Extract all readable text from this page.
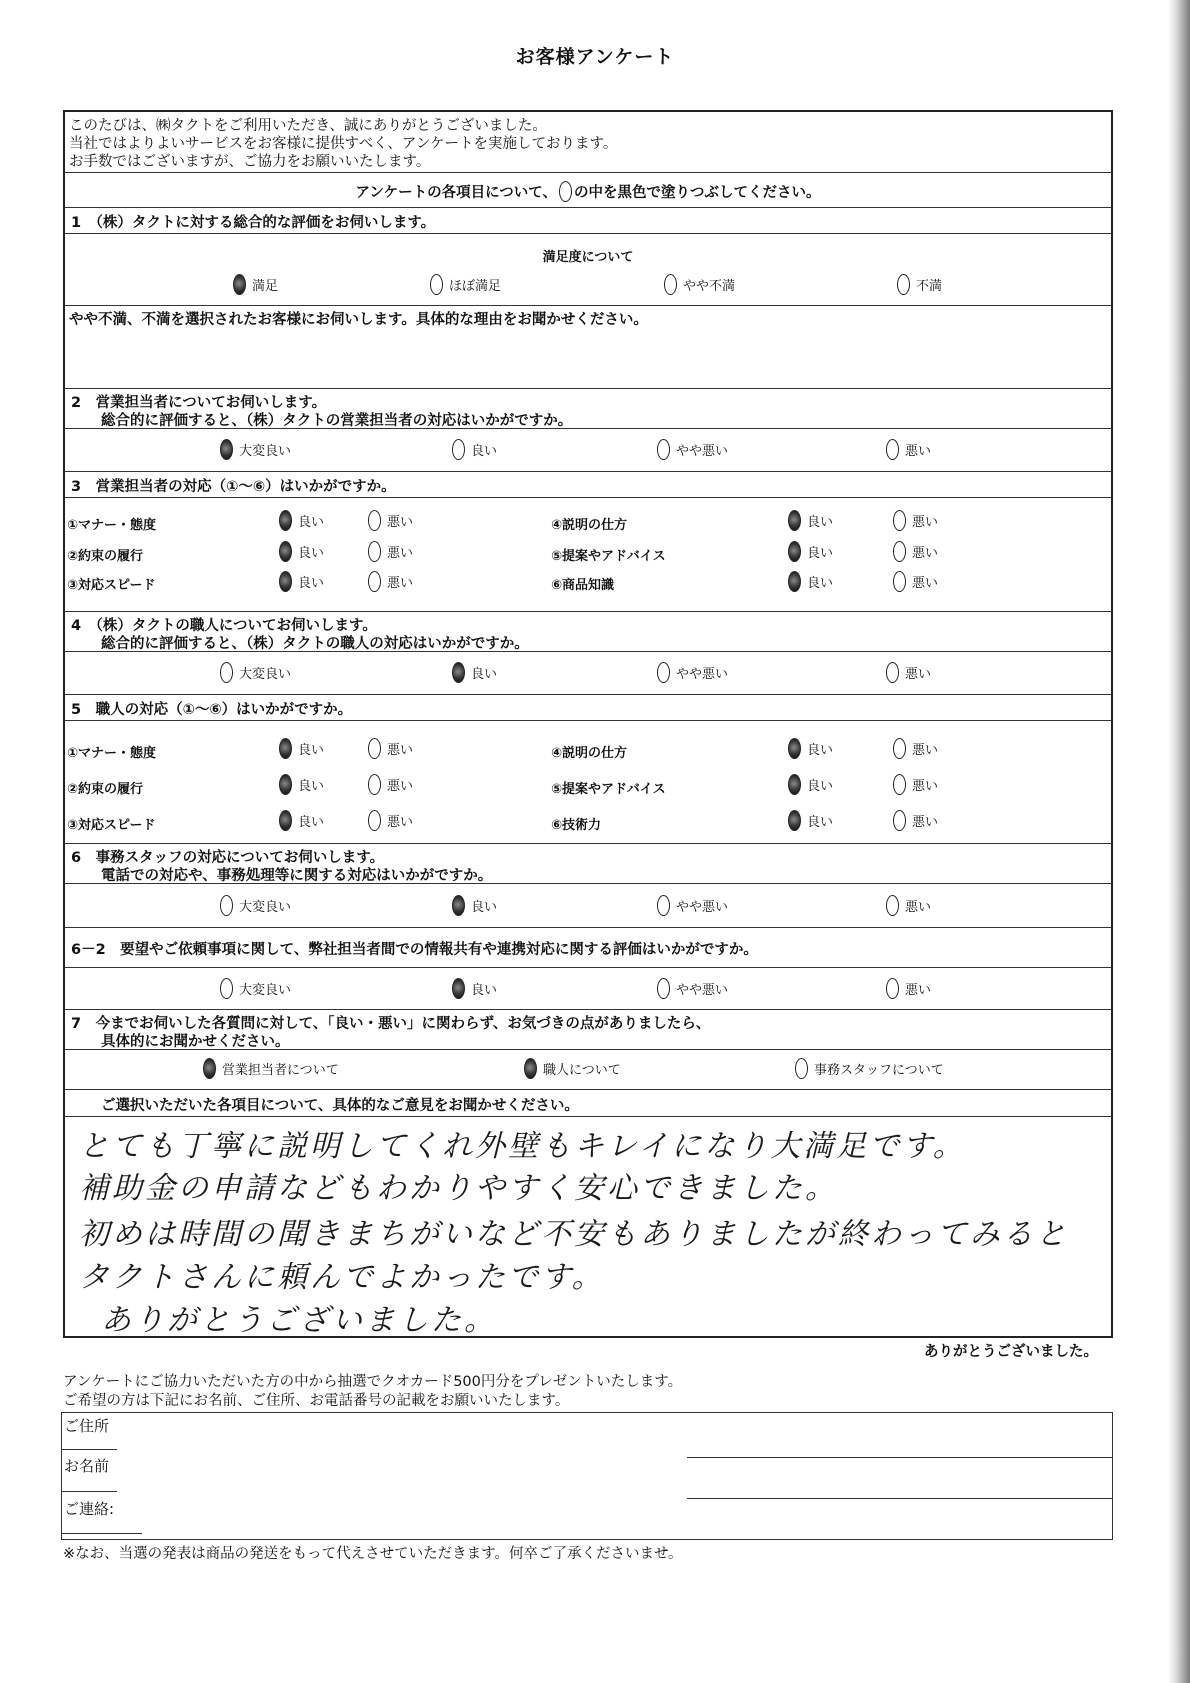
お客様アンケート
このたびは、㈱タクトをご利用いただき、誠にありがとうございました。
当社ではよりよいサービスをお客様に提供すべく、アンケートを実施しております。
お手数ではございますが、ご協力をお願いいたします。
アンケートの各項目について、 の中を黒色で塗りつぶしてください。
1　（株）タクトに対する総合的な評価をお伺いします。
満足度について
満足	ほぼ満足	やや不満	不満
やや不満、不満を選択されたお客様にお伺いします。具体的な理由をお聞かせください。
2　営業担当者についてお伺いします。
総合的に評価すると、（株）タクトの営業担当者の対応はいかがですか。
大変良い	良い	やや悪い	悪い
3　営業担当者の対応（①～⑥）はいかがですか。
①マナー・態度	良い	悪い
②約束の履行	良い	悪い
③対応スピード	良い	悪い
④説明の仕方	良い	悪い
⑤提案やアドバイス	良い	悪い
⑥商品知識	良い	悪い
4　（株）タクトの職人についてお伺いします。
総合的に評価すると、（株）タクトの職人の対応はいかがですか。
大変良い	良い	やや悪い	悪い
5　職人の対応（①～⑥）はいかがですか。
①マナー・態度	良い	悪い
②約束の履行	良い	悪い
③対応スピード	良い	悪い
④説明の仕方	良い	悪い
⑤提案やアドバイス	良い	悪い
⑥技術力	良い	悪い
6　事務スタッフの対応についてお伺いします。
電話での対応や、事務処理等に関する対応はいかがですか。
大変良い	良い	やや悪い	悪い
6－2　要望やご依頼事項に関して、弊社担当者間での情報共有や連携対応に関する評価はいかがですか。
大変良い	良い	やや悪い	悪い
7　今までお伺いした各質問に対して、「良い・悪い」に関わらず、お気づきの点がありましたら、
具体的にお聞かせください。
営業担当者について	職人について	事務スタッフについて
ご選択いただいた各項目について、具体的なご意見をお聞かせください。
とても丁寧に説明してくれ外壁もキレイになり大満足です。
補助金の申請などもわかりやすく安心できました。
初めは時間の聞きまちがいなど不安もありましたが終わってみると
タクトさんに頼んでよかったです。
ありがとうございました。
ありがとうございました。
アンケートにご協力いただいた方の中から抽選でクオカード500円分をプレゼントいたします。
ご希望の方は下記にお名前、ご住所、お電話番号の記載をお願いいたします。
ご住所
お名前
ご連絡:
※なお、当選の発表は商品の発送をもって代えさせていただきます。何卒ご了承くださいませ。
